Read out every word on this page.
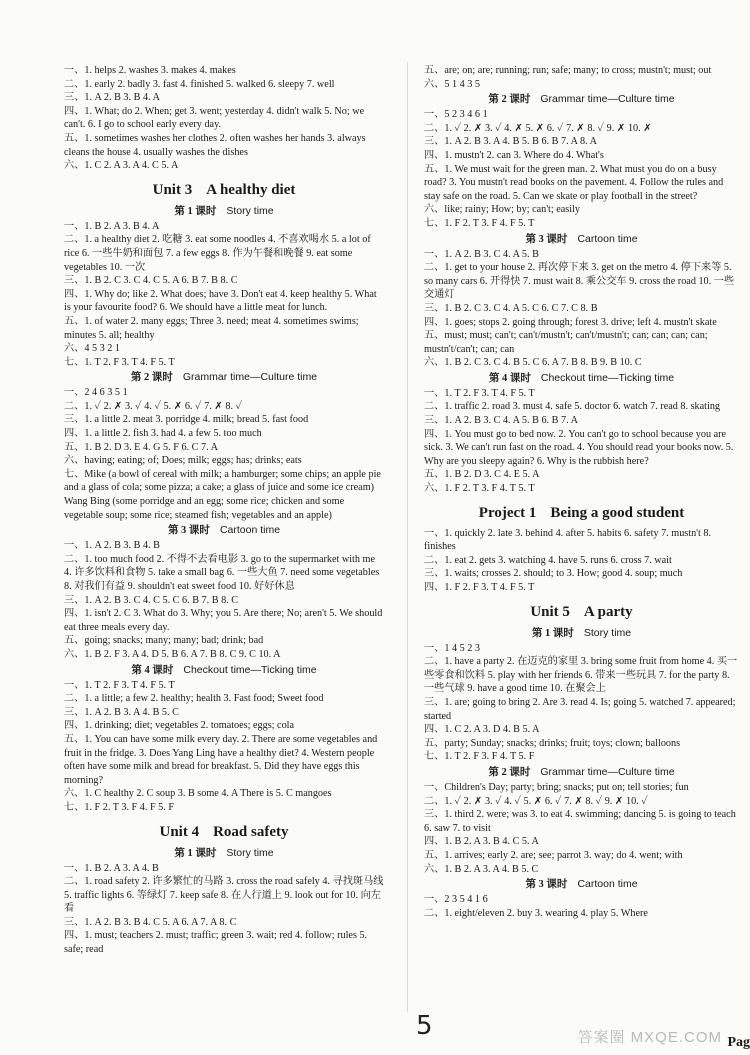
一、1. helps 2. washes 3. makes 4. makes
二、1. early 2. badly 3. fast 4. finished 5. walked 6. sleepy 7. well
三、1. A 2. B 3. B 4. A
四、1. What; do 2. When; get 3. went; yesterday 4. didn't walk 5. No; we can't. 6. I go to school early every day.
五、1. sometimes washes her clothes 2. often washes her hands 3. always cleans the house 4. usually washes the dishes
六、1. C 2. A 3. A 4. C 5. A
Unit 3 A healthy diet
第 1 课时 Story time
一、1. B 2. A 3. B 4. A
二、1. a healthy diet 2. 吃糖 3. eat some noodles 4. 不喜欢喝水 5. a lot of rice 6. 一些牛奶和面包 7. a few eggs 8. 作为午餐和晚餐 9. eat some vegetables 10. 一次
三、1. B 2. C 3. C 4. C 5. A 6. B 7. B 8. C
四、1. Why do; like 2. What does; have 3. Don't eat 4. keep healthy 5. What is your favourite food? 6. We should have a little meat for lunch.
五、1. of water 2. many eggs; Three 3. need; meat 4. sometimes swims; minutes 5. all; healthy
六、4 5 3 2 1
七、1. T 2. F 3. T 4. F 5. T
第 2 课时 Grammar time—Culture time
一、2 4 6 3 5 1
二、1. ✓ 2. ✗ 3. ✓ 4. ✓ 5. ✗ 6. ✓ 7. ✗ 8. ✓
三、1. a little 2. meat 3. porridge 4. milk; bread 5. fast food
四、1. a little 2. fish 3. had 4. a few 5. too much
五、1. B 2. D 3. E 4. G 5. F 6. C 7. A
六、having; eating; of; Does; milk; eggs; has; drinks; eats
七、Mike (a bowl of cereal with milk; a hamburger; some chips; an apple pie and a glass of cola; some pizza; a cake; a glass of juice and some ice cream) Wang Bing (some porridge and an egg; some rice; chicken and some vegetable soup; some rice; steamed fish; vegetables and an apple)
第 3 课时 Cartoon time
一、1. A 2. B 3. B 4. B
二、1. too much food 2. 不得不去看电影 3. go to the supermarket with me 4. 许多饮料和食物 5. take a small bag 6. 一些大鱼 7. need some vegetables 8. 对我们有益 9. shouldn't eat sweet food 10. 好好休息
三、1. A 2. B 3. C 4. C 5. C 6. B 7. B 8. C
四、1. isn't 2. C 3. What do 3. Why; you 5. Are there; No; aren't 5. We should eat three meals every day.
五、going; snacks; many; many; bad; drink; bad
六、1. B 2. F 3. A 4. D 5. B 6. A 7. B 8. C 9. C 10. A
第 4 课时 Checkout time—Ticking time
一、1. T 2. F 3. T 4. F 5. T
二、1. a little; a few 2. healthy; health 3. Fast food; Sweet food
三、1. A 2. B 3. A 4. B 5. C
四、1. drinking; diet; vegetables 2. tomatoes; eggs; cola
五、1. You can have some milk every day. 2. There are some vegetables and fruit in the fridge. 3. Does Yang Ling have a healthy diet? 4. Western people often have some milk and bread for breakfast. 5. Did they have eggs this morning?
六、1. C healthy 2. C soup 3. B some 4. A There is 5. C mangoes
七、1. F 2. T 3. F 4. F 5. F
Unit 4 Road safety
第 1 课时 Story time
一、1. B 2. A 3. A 4. B
二、1. road safety 2. 许多繁忙的马路 3. cross the road safely 4. 寻找斑马线 5. traffic lights 6. 等绿灯 7. keep safe 8. 在人行道上 9. look out for 10. 向左看
三、1. A 2. B 3. B 4. C 5. A 6. A 7. A 8. C
四、1. must; teachers 2. must; traffic; green 3. wait; red 4. follow; rules 5. safe; read
五、are; on; are; running; run; safe; many; to cross; mustn't; must; out
六、5 1 4 3 5
第 2 课时 Grammar time—Culture time
一、5 2 3 4 6 1
二、1. ✓ 2. ✗ 3. ✓ 4. ✗ 5. ✗ 6. ✓ 7. ✗ 8. ✓ 9. ✗ 10. ✗
三、1. A 2. B 3. A 4. B 5. B 6. B 7. A 8. A
四、1. mustn't 2. can 3. Where do 4. What's
五、1. We must wait for the green man. 2. What must you do on a busy road? 3. You mustn't read books on the pavement. 4. Follow the rules and stay safe on the road. 5. Can we skate or play football in the street?
六、like; rainy; How; by; can't; easily
七、1. F 2. T 3. F 4. F 5. T
第 3 课时 Cartoon time
一、1. A 2. B 3. C 4. A 5. B
二、1. get to your house 2. 再次停下来 3. get on the metro 4. 停下来等 5. so many cars 6. 开得快 7. must wait 8. 乘公交车 9. cross the road 10. 一些交通灯
三、1. B 2. C 3. C 4. A 5. C 6. C 7. C 8. B
四、1. goes; stops 2. going through; forest 3. drive; left 4. mustn't skate
五、must; must; can't; can't/mustn't; can't/mustn't; can; can; can; can; mustn't/can't; can; can
六、1. B 2. C 3. C 4. B 5. C 6. A 7. B 8. B 9. B 10. C
第 4 课时 Checkout time—Ticking time
一、1. T 2. F 3. T 4. F 5. T
二、1. traffic 2. road 3. must 4. safe 5. doctor 6. watch 7. read 8. skating
三、1. A 2. B 3. C 4. A 5. B 6. B 7. A
四、1. You must go to bed now. 2. You can't go to school because you are sick. 3. We can't run fast on the road. 4. You should read your books now. 5. Why are you sleepy again? 6. Why is the rubbish here?
五、1. B 2. D 3. C 4. E 5. A
六、1. F 2. T 3. F 4. T 5. T
Project 1 Being a good student
一、1. quickly 2. late 3. behind 4. after 5. habits 6. safety 7. mustn't 8. finishes
二、1. eat 2. gets 3. watching 4. have 5. runs 6. cross 7. wait
三、1. waits; crosses 2. should; to 3. How; good 4. soup; much
四、1. F 2. F 3. T 4. F 5. T
Unit 5 A party
第 1 课时 Story time
一、1 4 5 2 3
二、1. have a party 2. 在迈克的家里 3. bring some fruit from home 4. 买一些零食和饮料 5. play with her friends 6. 带来一些玩具 7. for the party 8. 一些气球 9. have a good time 10. 在聚会上
三、1. are; going to bring 2. Are 3. read 4. Is; going 5. watched 7. appeared; started
四、1. C 2. A 3. D 4. B 5. A
五、party; Sunday; snacks; drinks; fruit; toys; clown; balloons
七、1. T 2. F 3. F 4. T 5. F
第 2 课时 Grammar time—Culture time
一、Children's Day; party; bring; snacks; put on; tell stories; fun
二、1. ✓ 2. ✗ 3. ✓ 4. ✓ 5. ✗ 6. ✓ 7. ✗ 8. ✓ 9. ✗ 10. ✓
三、1. third 2. were; was 3. to eat 4. swimming; dancing 5. is going to teach 6. saw 7. to visit
四、1. B 2. A 3. B 4. C 5. A
五、1. arrives; early 2. are; see; parrot 3. way; do 4. went; with
六、1. B 2. A 3. A 4. B 5. C
第 3 课时 Cartoon time
一、2 3 5 4 1 6
二、1. eight/eleven 2. buy 3. wearing 4. play 5. Where
5	答案圈 MXQE.COM Pag
